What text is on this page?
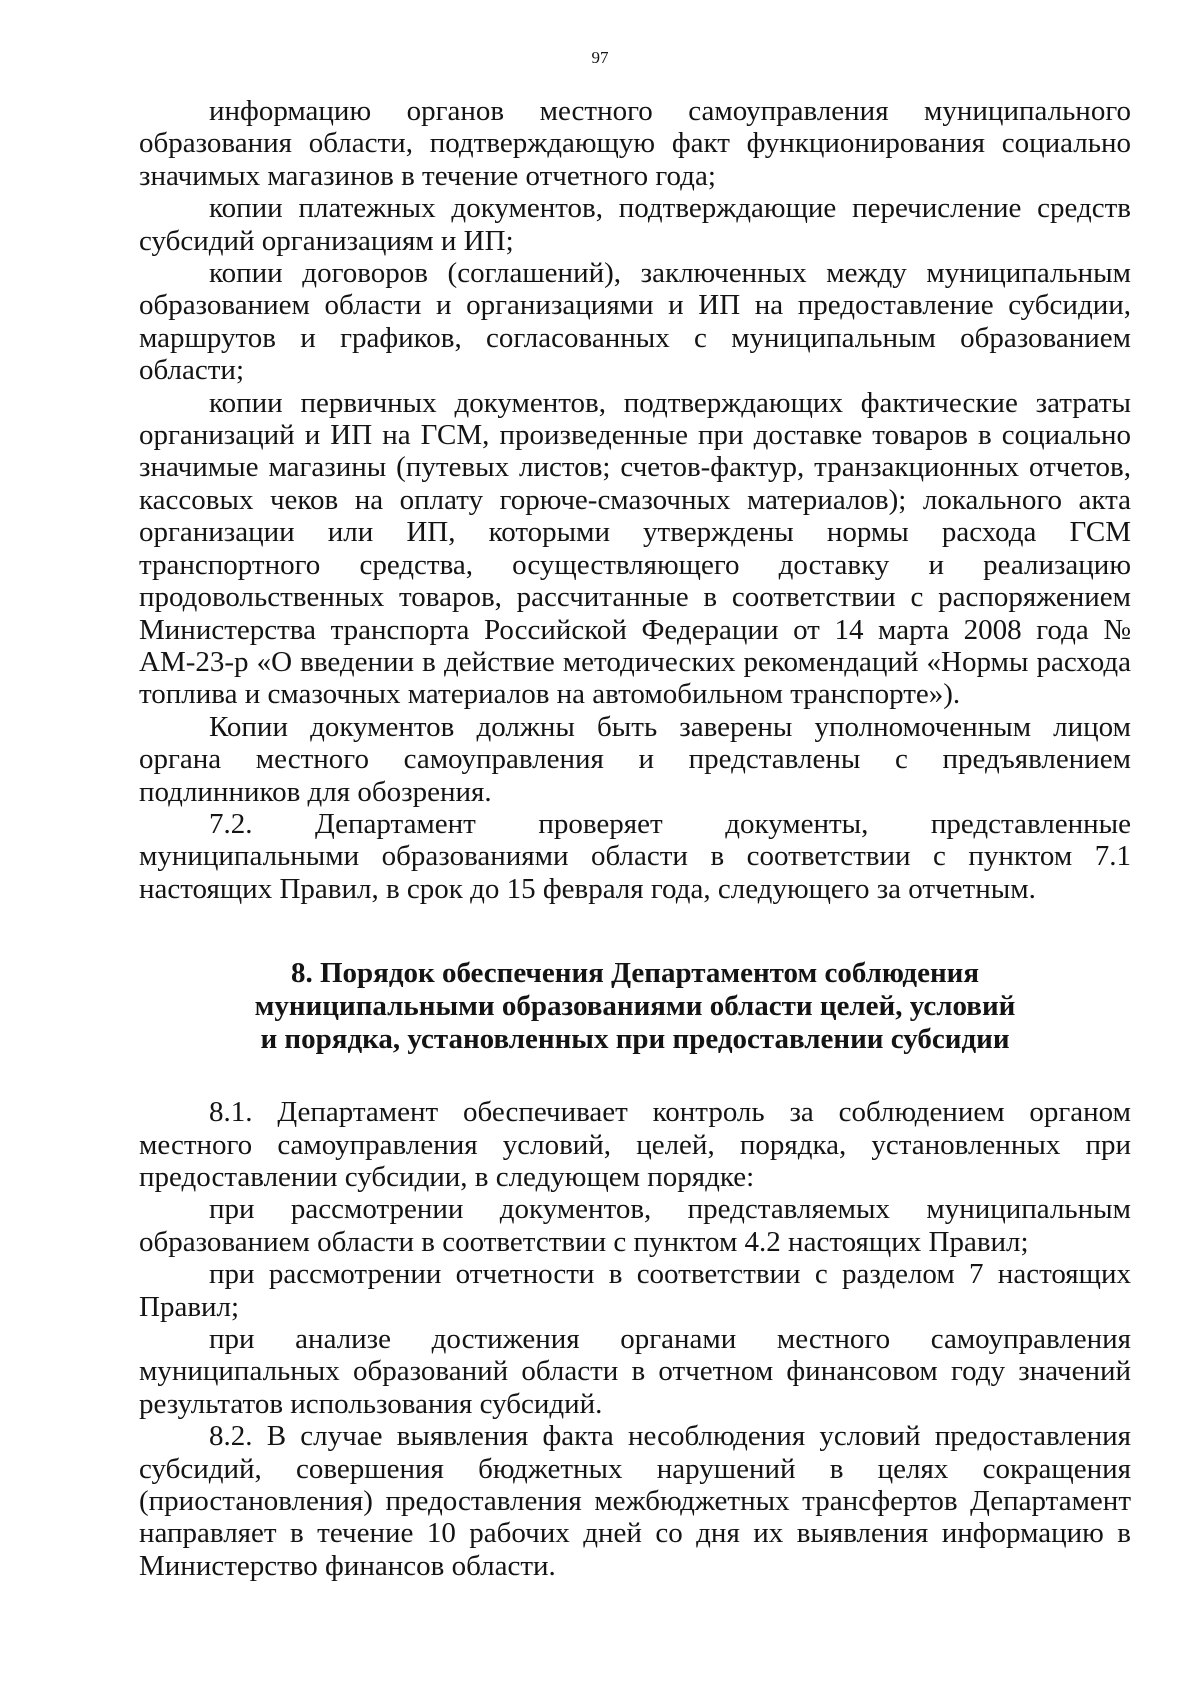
97

информацию органов местного самоуправления муниципального образования области, подтверждающую факт функционирования социально значимых магазинов в течение отчетного года;

копии платежных документов, подтверждающие перечисление средств субсидий организациям и ИП;

копии договоров (соглашений), заключенных между муниципальным образованием области и организациями и ИП на предоставление субсидии, маршрутов и графиков, согласованных с муниципальным образованием области;

копии первичных документов, подтверждающих фактические затраты организаций и ИП на ГСМ, произведенные при доставке товаров в социально значимые магазины (путевых листов; счетов-фактур, транзакционных отчетов, кассовых чеков на оплату горюче-смазочных материалов); локального акта организации или ИП, которыми утверждены нормы расхода ГСМ транспортного средства, осуществляющего доставку и реализацию продовольственных товаров, рассчитанные в соответствии с распоряжением Министерства транспорта Российской Федерации от 14 марта 2008 года № АМ-23-р «О введении в действие методических рекомендаций «Нормы расхода топлива и смазочных материалов на автомобильном транспорте»).

Копии документов должны быть заверены уполномоченным лицом органа местного самоуправления и представлены с предъявлением подлинников для обозрения.

7.2. Департамент проверяет документы, представленные муниципальными образованиями области в соответствии с пунктом 7.1 настоящих Правил, в срок до 15 февраля года, следующего за отчетным.

8. Порядок обеспечения Департаментом соблюдения
муниципальными образованиями области целей, условий
и порядка, установленных при предоставлении субсидии

8.1. Департамент обеспечивает контроль за соблюдением органом местного самоуправления условий, целей, порядка, установленных при предоставлении субсидии, в следующем порядке:

при рассмотрении документов, представляемых муниципальным образованием области в соответствии с пунктом 4.2 настоящих Правил;

при рассмотрении отчетности в соответствии с разделом 7 настоящих Правил;

при анализе достижения органами местного самоуправления муниципальных образований области в отчетном финансовом году значений результатов использования субсидий.

8.2. В случае выявления факта несоблюдения условий предоставления субсидий, совершения бюджетных нарушений в целях сокращения (приостановления) предоставления межбюджетных трансфертов Департамент направляет в течение 10 рабочих дней со дня их выявления информацию в Министерство финансов области.
